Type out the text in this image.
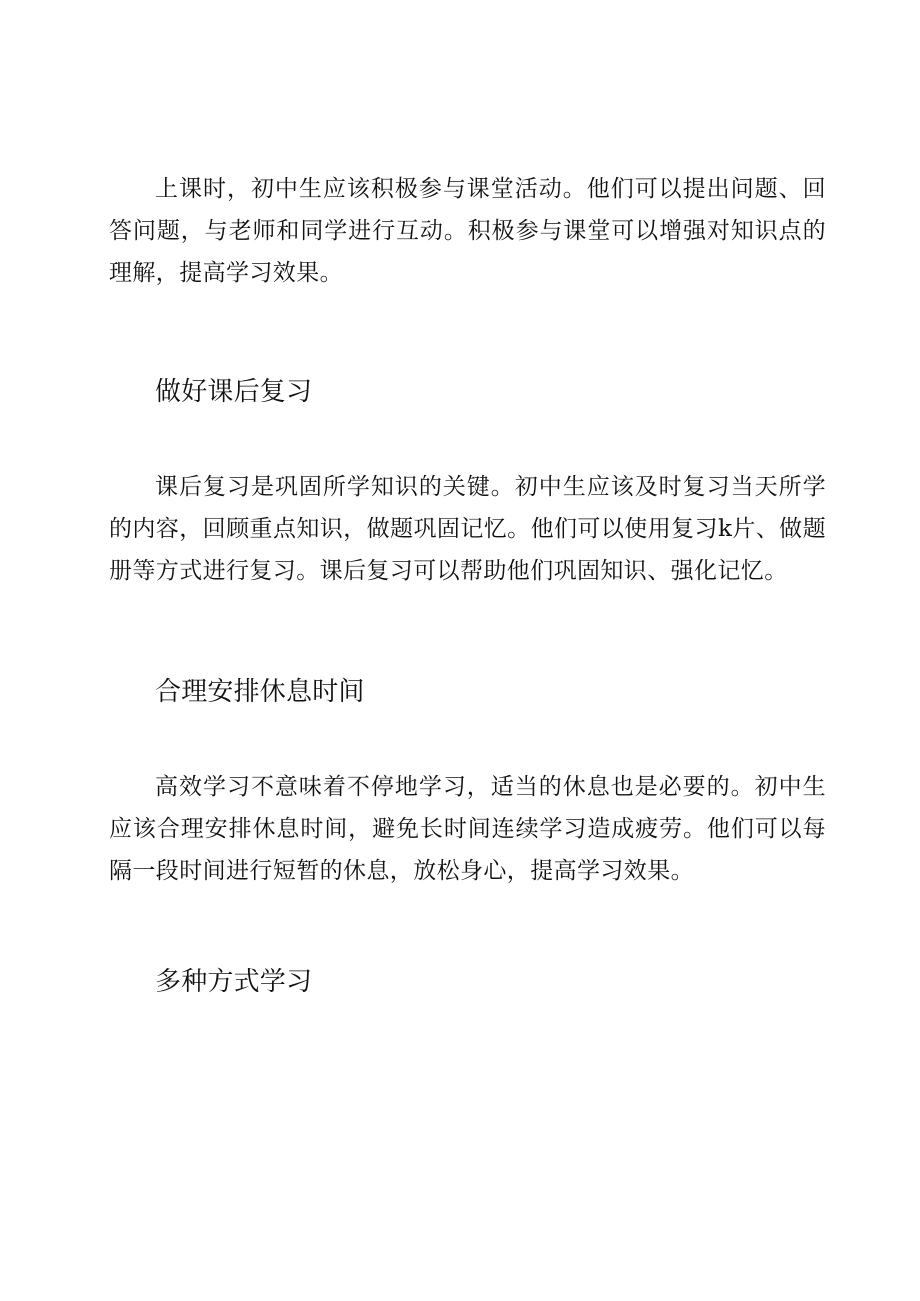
上课时，初中生应该积极参与课堂活动。他们可以提出问题、回答问题，与老师和同学进行互动。积极参与课堂可以增强对知识点的理解，提高学习效果。

做好课后复习

课后复习是巩固所学知识的关键。初中生应该及时复习当天所学的内容，回顾重点知识，做题巩固记忆。他们可以使用复习k片、做题册等方式进行复习。课后复习可以帮助他们巩固知识、强化记忆。

合理安排休息时间

高效学习不意味着不停地学习，适当的休息也是必要的。初中生应该合理安排休息时间，避免长时间连续学习造成疲劳。他们可以每隔一段时间进行短暂的休息，放松身心，提高学习效果。

多种方式学习
